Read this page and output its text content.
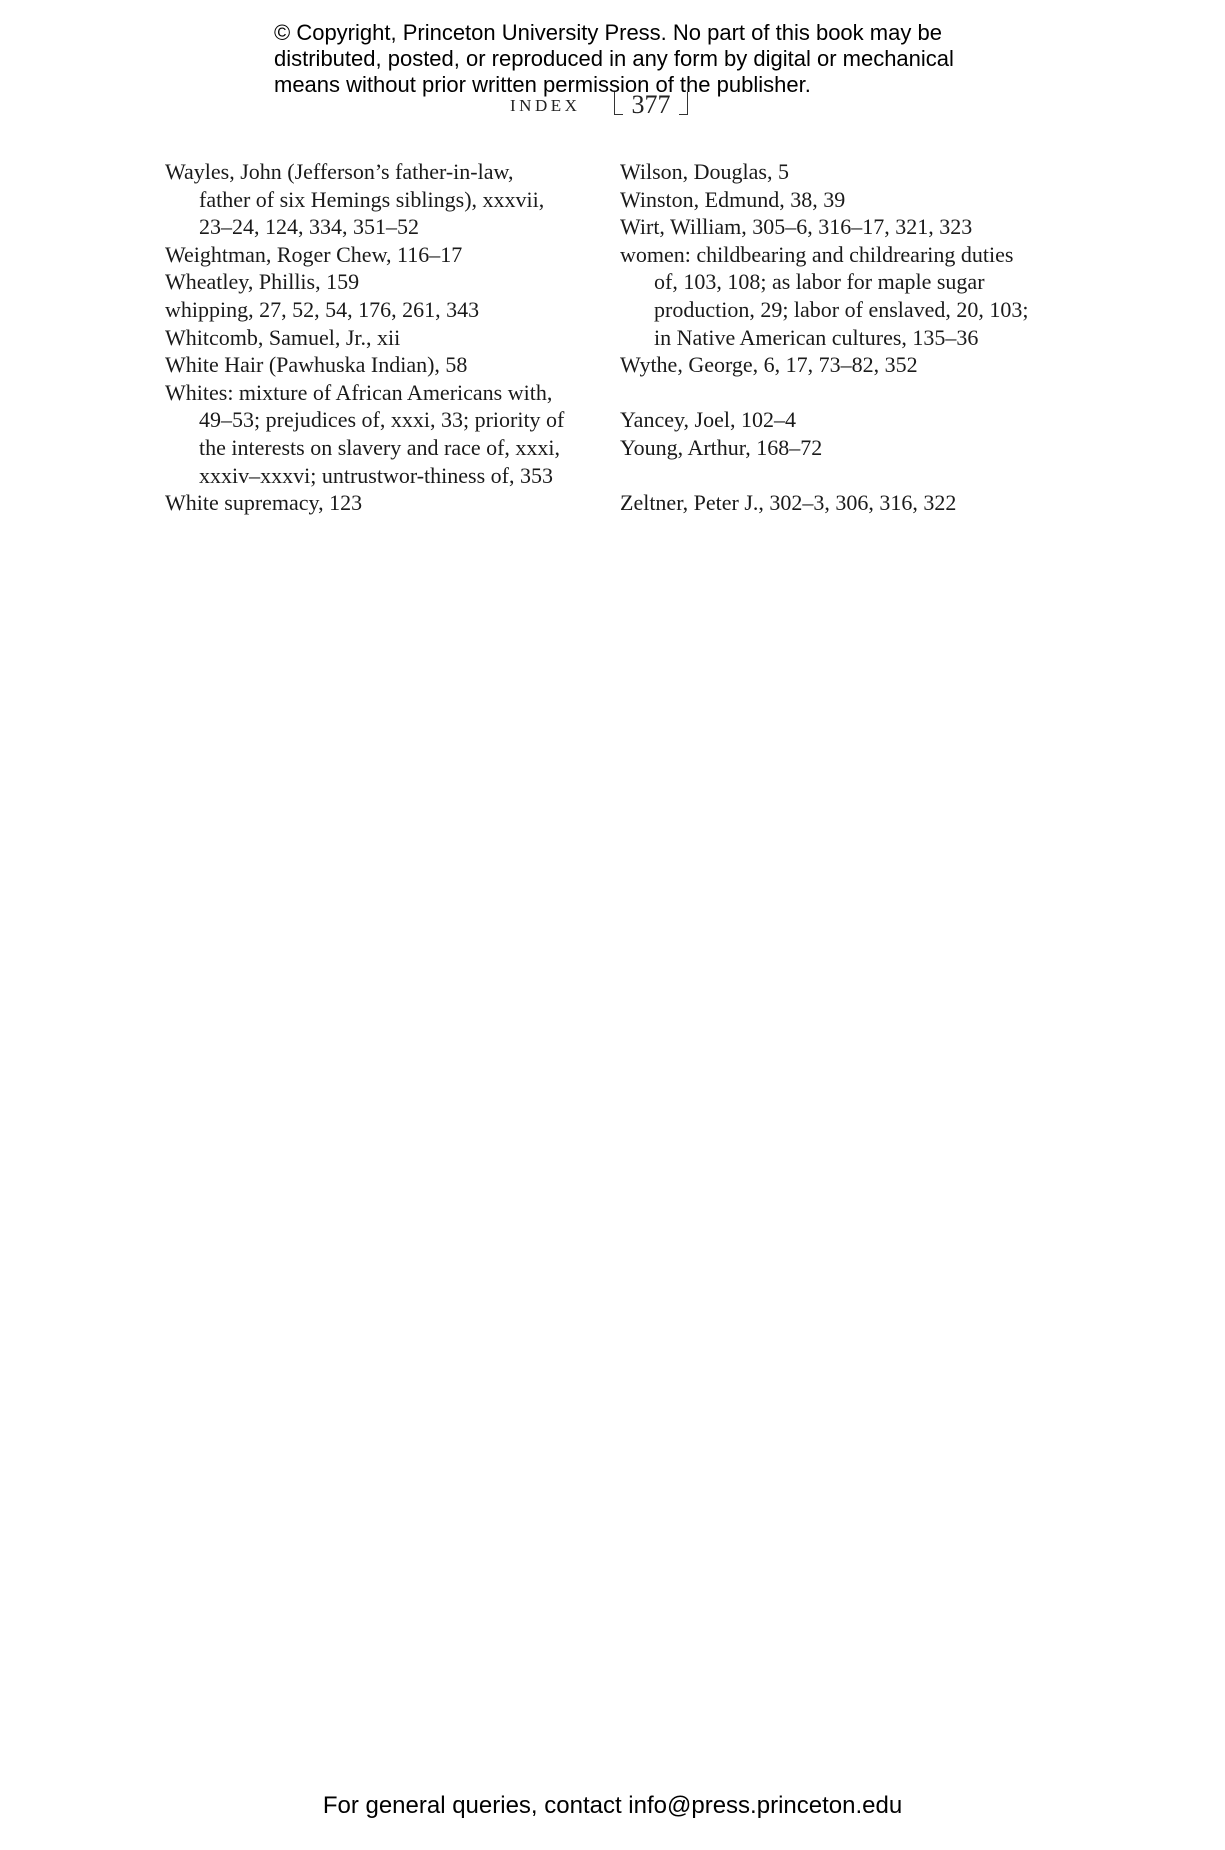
© Copyright, Princeton University Press. No part of this book may be
distributed, posted, or reproduced in any form by digital or mechanical
means without prior written permission of the publisher.
INDEX	377

Wayles, John (Jefferson’s father-in-law, father of six Hemings siblings), xxxvii, 23–24, 124, 334, 351–52

Weightman, Roger Chew, 116–17

Wheatley, Phillis, 159

whipping, 27, 52, 54, 176, 261, 343

Whitcomb, Samuel, Jr., xii

White Hair (Pawhuska Indian), 58

Whites: mixture of African Americans with, 49–53; prejudices of, xxxi, 33; priority of the interests on slavery and race of, xxxi, xxxiv–xxxvi; untrustwor-thiness of, 353

White supremacy, 123

Wilson, Douglas, 5

Winston, Edmund, 38, 39

Wirt, William, 305–6, 316–17, 321, 323

women: childbearing and childrearing duties of, 103, 108; as labor for maple sugar production, 29; labor of enslaved, 20, 103; in Native American cultures, 135–36

Wythe, George, 6, 17, 73–82, 352

Yancey, Joel, 102–4

Young, Arthur, 168–72

Zeltner, Peter J., 302–3, 306, 316, 322

For general queries, contact info@press.princeton.edu
